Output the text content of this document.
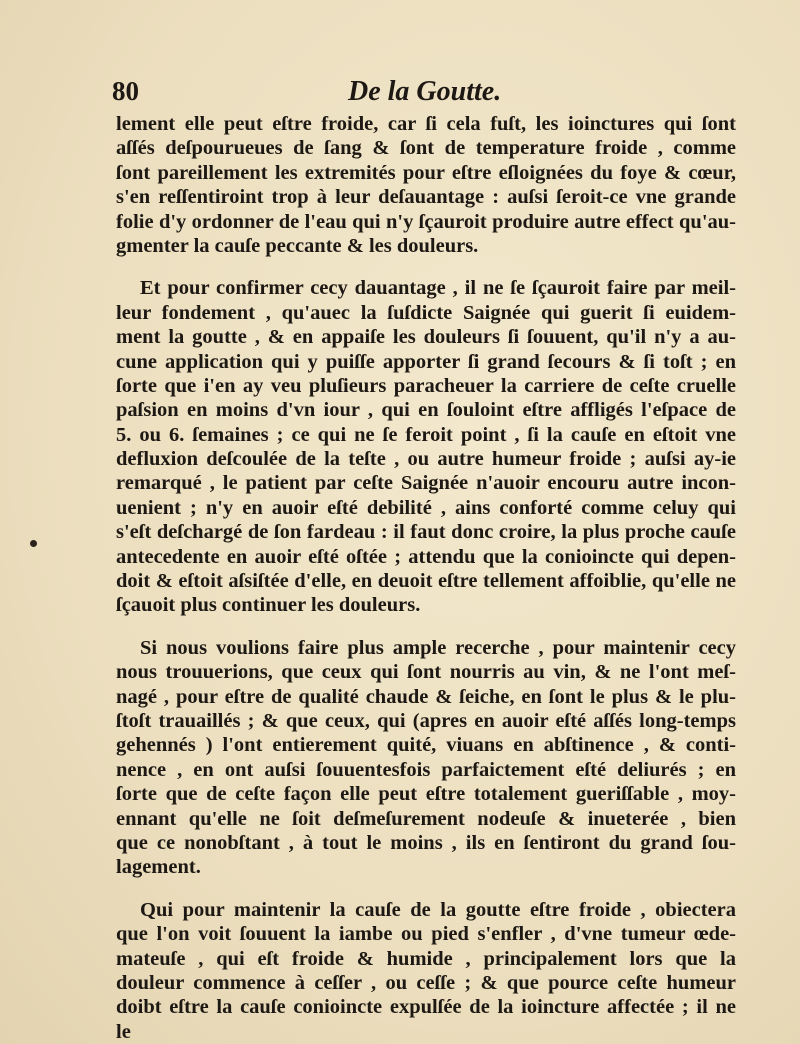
80	De la Goutte.
lement elle peut eſtre froide, car ſi cela fuſt, les ioinctures qui ſont
aſſés deſpourueues de ſang & ſont de temperature froide , comme
ſont pareillement les extremités pour eſtre eſloignées du foye & cœur,
s'en reſſentiroint trop à leur deſauantage : auſsi ſeroit-ce vne grande
folie d'y ordonner de l'eau qui n'y ſçauroit produire autre effect qu'au-
gmenter la cauſe peccante & les douleurs.
Et pour confirmer cecy dauantage , il ne ſe ſçauroit faire par meil-
leur fondement , qu'auec la ſuſdicte Saignée qui guerit ſi euidem-
ment la goutte , & en appaiſe les douleurs ſi ſouuent, qu'il n'y a au-
cune application qui y puiſſe apporter ſi grand ſecours & ſi toſt ; en
ſorte que i'en ay veu pluſieurs paracheuer la carriere de ceſte cruelle
paſsion en moins d'vn iour , qui en ſouloint eſtre affligés l'eſpace de
5. ou 6. ſemaines ; ce qui ne ſe feroit point , ſi la cauſe en eſtoit vne
defluxion deſcoulée de la teſte , ou autre humeur froide ; auſsi ay-ie
remarqué , le patient par ceſte Saignée n'auoir encouru autre incon-
uenient ; n'y en auoir eſté debilité , ains conforté comme celuy qui
s'eſt deſchargé de ſon fardeau : il faut donc croire, la plus proche cauſe
antecedente en auoir eſté oſtée ; attendu que la conioincte qui depen-
doit & eſtoit aſsiſtée d'elle, en deuoit eſtre tellement affoiblie, qu'elle ne
ſçauoit plus continuer les douleurs.
Si nous voulions faire plus ample recerche , pour maintenir cecy
nous trouuerions, que ceux qui ſont nourris au vin, & ne l'ont meſ-
nagé , pour eſtre de qualité chaude & ſeiche, en ſont le plus & le plu-
ſtoſt trauaillés ; & que ceux, qui (apres en auoir eſté aſſés long-temps
gehennés ) l'ont entierement quité, viuans en abſtinence , & conti-
nence , en ont auſsi ſouuentesfois parfaictement eſté deliurés ; en
ſorte que de ceſte façon elle peut eſtre totalement gueriſſable , moy-
ennant qu'elle ne ſoit deſmeſurement nodeuſe & inueterée , bien
que ce nonobſtant , à tout le moins , ils en ſentiront du grand ſou-
lagement.
Qui pour maintenir la cauſe de la goutte eſtre froide , obiectera
que l'on voit ſouuent la iambe ou pied s'enfler , d'vne tumeur œde-
mateuſe , qui eſt froide & humide , principalement lors que la
douleur commence à ceſſer , ou ceſſe ; & que pource ceſte humeur
doibt eſtre la cauſe conioincte expulſée de la ioincture affectée ; il ne
le
